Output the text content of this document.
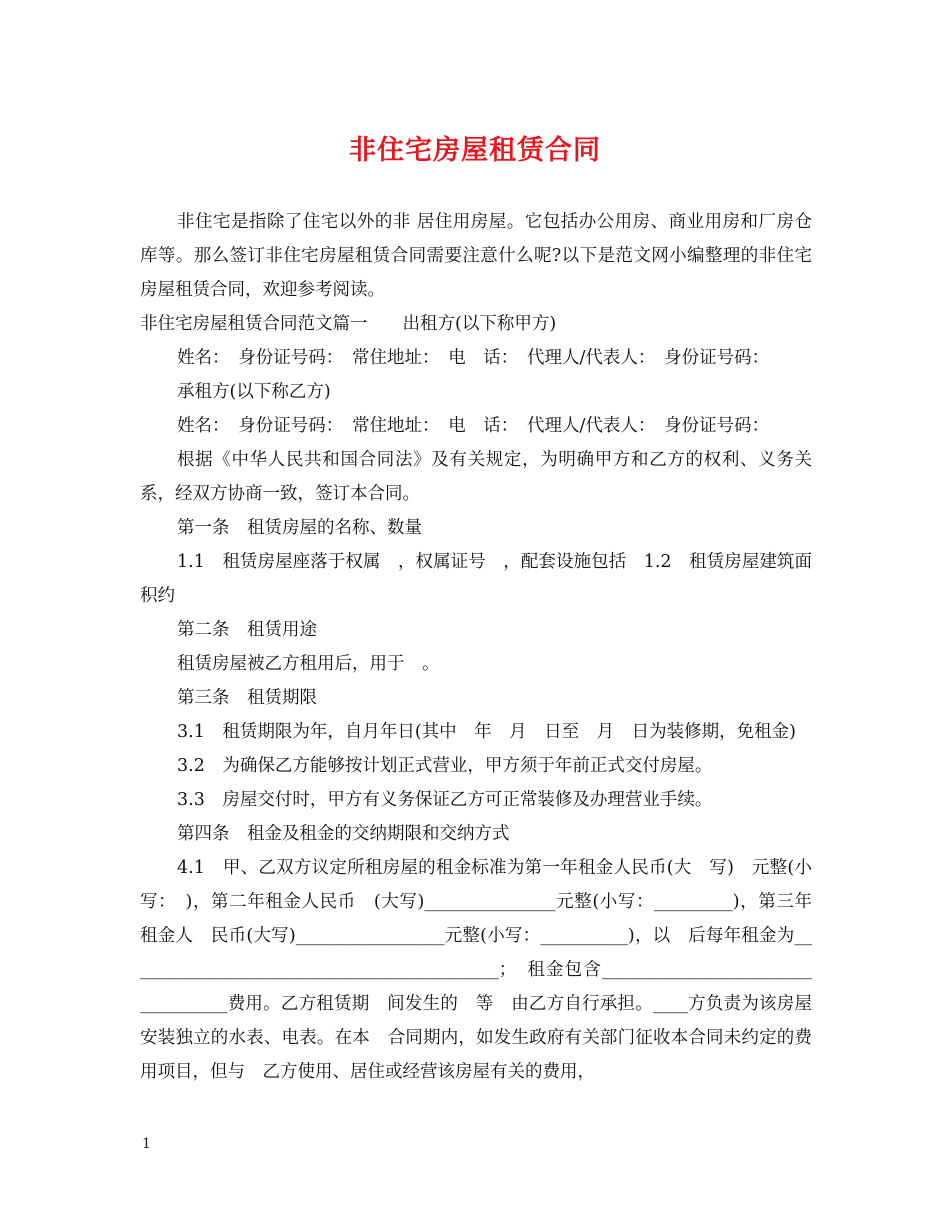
非住宅房屋租赁合同

非住宅是指除了住宅以外的非 居住用房屋。它包括办公用房、商业用房和厂房仓库等。那么签订非住宅房屋租赁合同需要注意什么呢?以下是范文网小编整理的非住宅房屋租赁合同，欢迎参考阅读。

非住宅房屋租赁合同范文篇一　　出租方(以下称甲方)

姓名：　身份证号码：　常住地址：　电　话：　代理人/代表人：　身份证号码：

承租方(以下称乙方)

姓名：　身份证号码：　常住地址：　电　话：　代理人/代表人：　身份证号码：

根据《中华人民共和国合同法》及有关规定，为明确甲方和乙方的权利、义务关系，经双方协商一致，签订本合同。

第一条　租赁房屋的名称、数量

1.1　租赁房屋座落于权属　，权属证号　，配套设施包括　1.2　租赁房屋建筑面积约

第二条　租赁用途

租赁房屋被乙方租用后，用于　。

第三条　租赁期限

3.1　租赁期限为年，自月年日(其中　年　月　日至　月　日为装修期，免租金)

3.2　为确保乙方能够按计划正式营业，甲方须于年前正式交付房屋。

3.3　房屋交付时，甲方有义务保证乙方可正常装修及办理营业手续。

第四条　租金及租金的交纳期限和交纳方式

4.1　甲、乙双方议定所租房屋的租金标准为第一年租金人民币(大　写)　元整(小写：　)，第二年租金人民币　(大写)_______________元整(小写：_________)，第三年租金人　民币(大写)_________________元整(小写：__________)，以　后每年租金为___________________________________________；　租金包含__________________________________费用。乙方租赁期　间发生的　等　由乙方自行承担。____方负责为该房屋安装独立的水表、电表。在本　合同期内，如发生政府有关部门征收本合同未约定的费用项目，但与　乙方使用、居住或经营该房屋有关的费用，

1
